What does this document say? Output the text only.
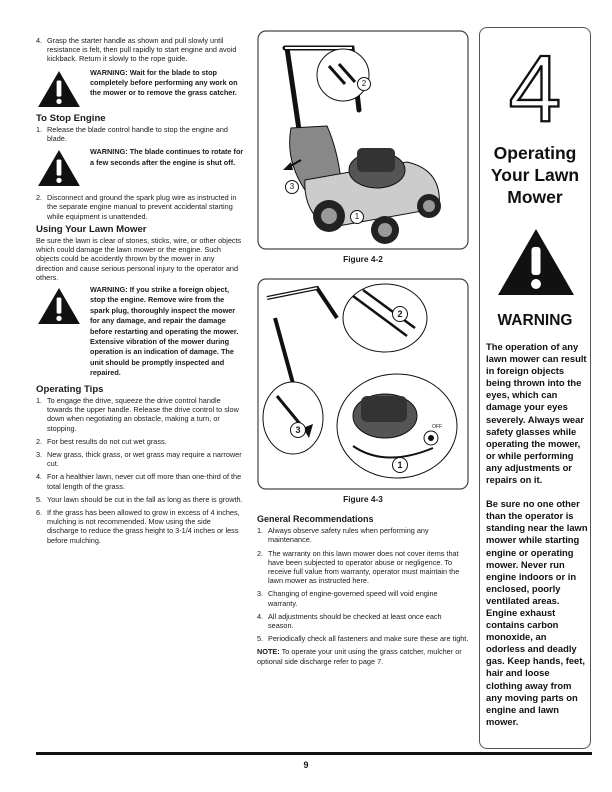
4. Grasp the starter handle as shown and pull slowly until resistance is felt, then pull rapidly to start engine and avoid kickback. Return it slowly to the rope guide.
WARNING: Wait for the blade to stop completely before performing any work on the mower or to remove the grass catcher.
To Stop Engine
1. Release the blade control handle to stop the engine and blade.
WARNING: The blade continues to rotate for a few seconds after the engine is shut off.
2. Disconnect and ground the spark plug wire as instructed in the separate engine manual to prevent accidental starting while equipment is unattended.
Using Your Lawn Mower

Be sure the lawn is clear of stones, sticks, wire, or other objects which could damage the lawn mower or the engine. Such objects could be accidently thrown by the mower in any direction and cause serious personal injury to the operator and others.

WARNING: If you strike a foreign object, stop the engine. Remove wire from the spark plug, thoroughly inspect the mower for any damage, and repair the damage before restarting and operating the mower. Extensive vibration of the mower during operation is an indication of damage. The unit should be promptly inspected and repaired.
Operating Tips
1. To engage the drive, squeeze the drive control handle towards the upper handle. Release the drive control to slow down when negotiating an obstacle, making a turn, or stopping.
2. For best results do not cut wet grass.
3. New grass, thick grass, or wet grass may require a narrower cut.
4. For a healthier lawn, never cut off more than one-third of the total length of the grass.
5. Your lawn should be cut in the fall as long as there is growth.
6. If the grass has been allowed to grow in excess of 4 inches, mulching is not recommended. Mow using the side discharge to reduce the grass height to 3-1/4 inches or less before mulching.
Figure 4-2
Figure 4-3
2
3
1
2
3
1
OFF
General Recommendations
1. Always observe safety rules when performing any maintenance.
2. The warranty on this lawn mower does not cover items that have been subjected to operator abuse or negligence. To receive full value from warranty, operator must maintain the lawn mower as instructed here.
3. Changing of engine-governed speed will void engine warranty.
4. All adjustments should be checked at least once each season.
5. Periodically check all fasteners and make sure these are tight.

NOTE: To operate your unit using the grass catcher, mulcher or optional side discharge refer to page 7.

4
Operating
Your Lawn
Mower
WARNING

The operation of any lawn mower can result in foreign objects being thrown into the eyes, which can damage your eyes severely. Always wear safety glasses while operating the mower, or while performing any adjustments or repairs on it.

Be sure no one other than the operator is standing near the lawn mower while starting engine or operating mower. Never run engine indoors or in enclosed, poorly ventilated areas. Engine exhaust contains carbon monoxide, an odorless and deadly gas. Keep hands, feet, hair and loose clothing away from any moving parts on engine and lawn mower.

9
